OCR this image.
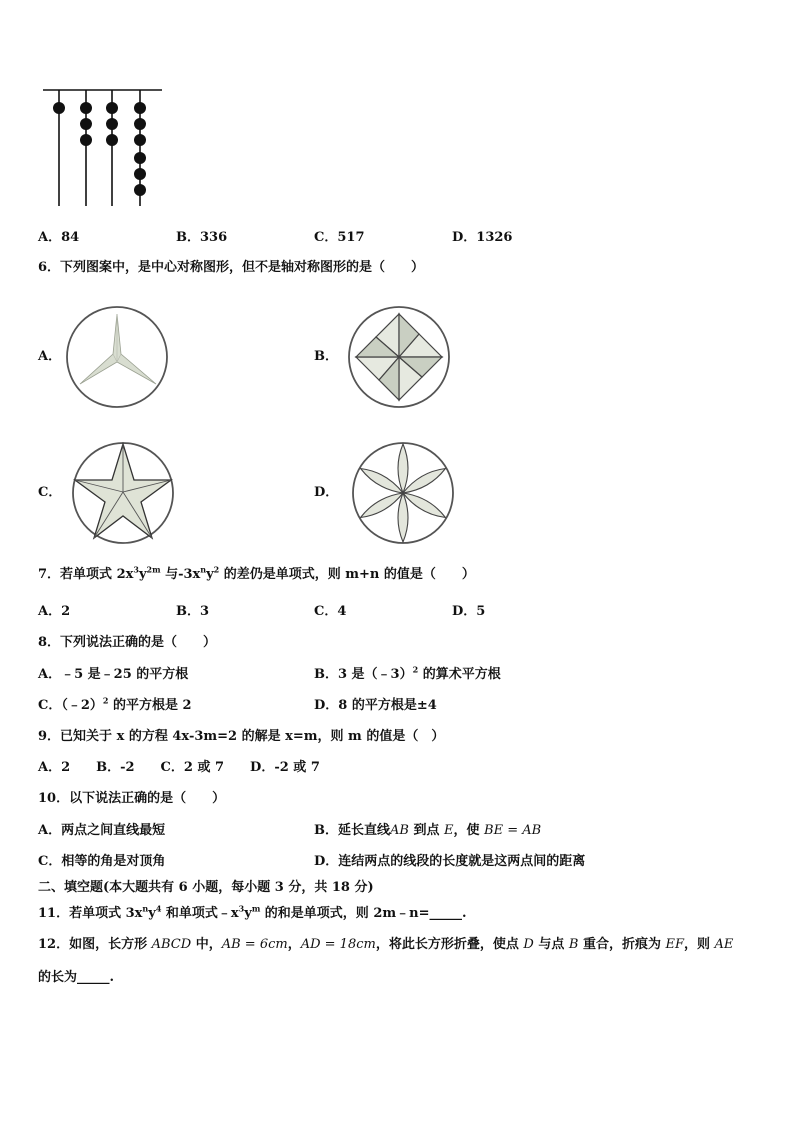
A．84	B．336	C．517	D．1326
6．下列图案中，是中心对称图形，但不是轴对称图形的是（　　）
A．	B．
C．	D．
7．若单项式 $2x^3y^{2m}$ 与$-3x^ny^2$ 的差仍是单项式，则 m+n 的值是（　　）
A．2	B．3	C．4	D．5
8．下列说法正确的是（　　）
A．﹣5 是﹣25 的平方根	B．3 是（﹣3）$^2$ 的算术平方根
C．（﹣2）$^2$ 的平方根是 2	D．8 的平方根是±4
9．已知关于 x 的方程 4x-3m=2 的解是 x=m，则 m 的值是（　）
A．2　　B．-2　　C．2 或 7　　D．-2 或 7
10．以下说法正确的是（　　）
A．两点之间直线最短	B．延长直线AB 到点 E，使 BE = AB
C．相等的角是对顶角	D．连结两点的线段的长度就是这两点间的距离
二、填空题(本大题共有 6 小题，每小题 3 分，共 18 分)
11．若单项式 $3x^ny^4$ 和单项式$﹣x^3y^m$ 的和是单项式，则 2m﹣n=_____.
12．如图，长方形 ABCD 中，AB = 6cm，AD = 18cm，将此长方形折叠，使点 D 与点 B 重合，折痕为 EF，则 AE
的长为_____.
